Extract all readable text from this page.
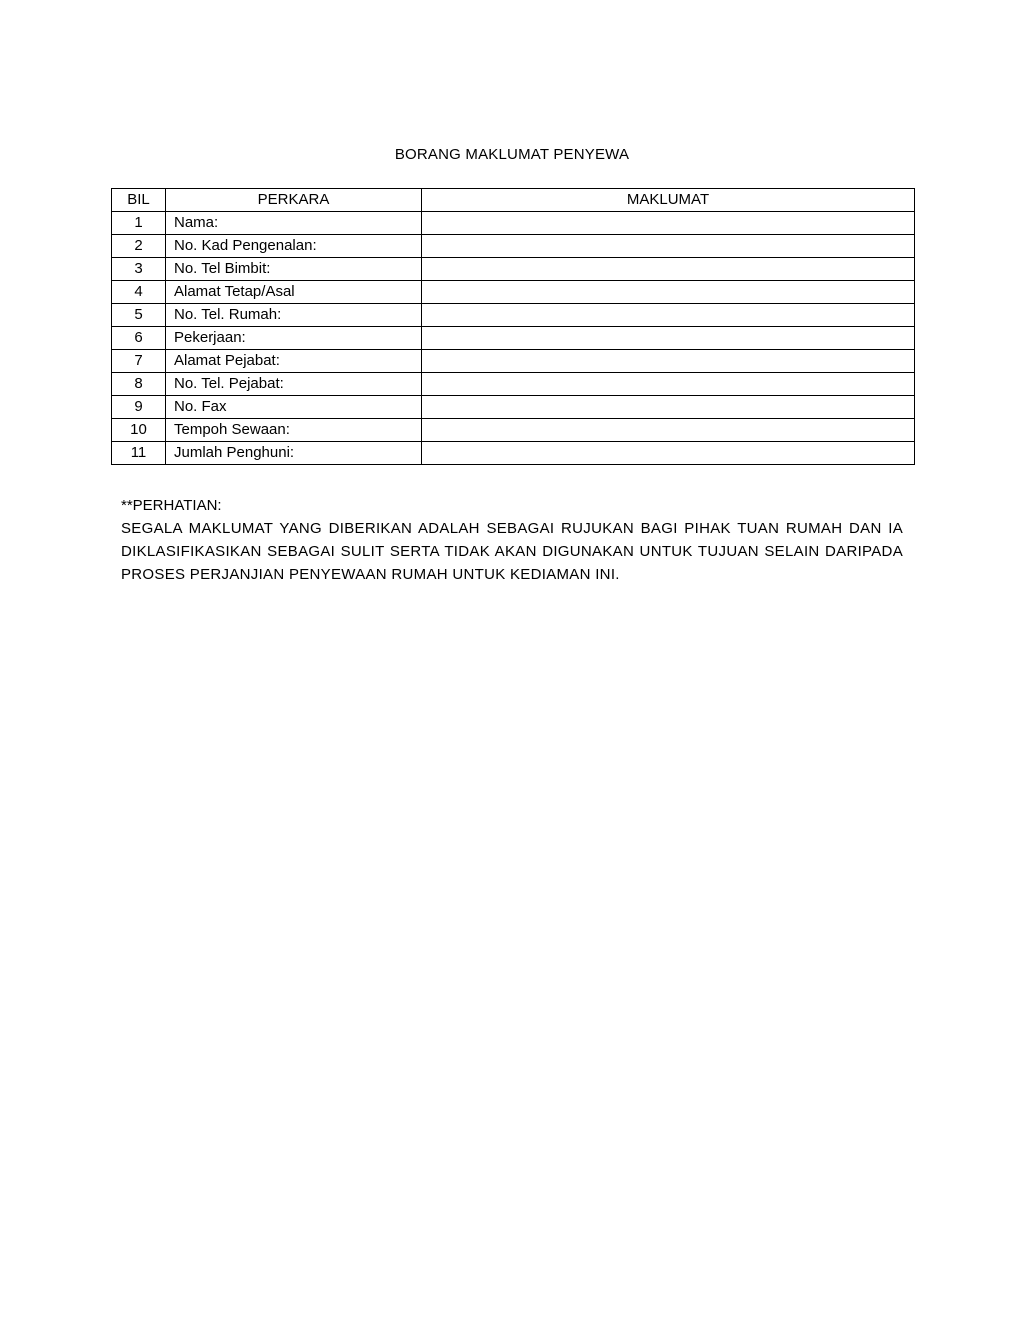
BORANG MAKLUMAT PENYEWA
BIL	PERKARA	MAKLUMAT
1	Nama:	
2	No. Kad Pengenalan:	
3	No. Tel Bimbit:	
4	Alamat Tetap/Asal	
5	No. Tel. Rumah:	
6	Pekerjaan:	
7	Alamat Pejabat:	
8	No. Tel. Pejabat:	
9	No. Fax	
10	Tempoh Sewaan:	
11	Jumlah Penghuni:	

**PERHATIAN:

SEGALA MAKLUMAT YANG DIBERIKAN ADALAH SEBAGAI RUJUKAN BAGI PIHAK TUAN RUMAH DAN IA DIKLASIFIKASIKAN SEBAGAI SULIT SERTA TIDAK AKAN DIGUNAKAN UNTUK TUJUAN SELAIN DARIPADA PROSES PERJANJIAN PENYEWAAN RUMAH UNTUK KEDIAMAN INI.
